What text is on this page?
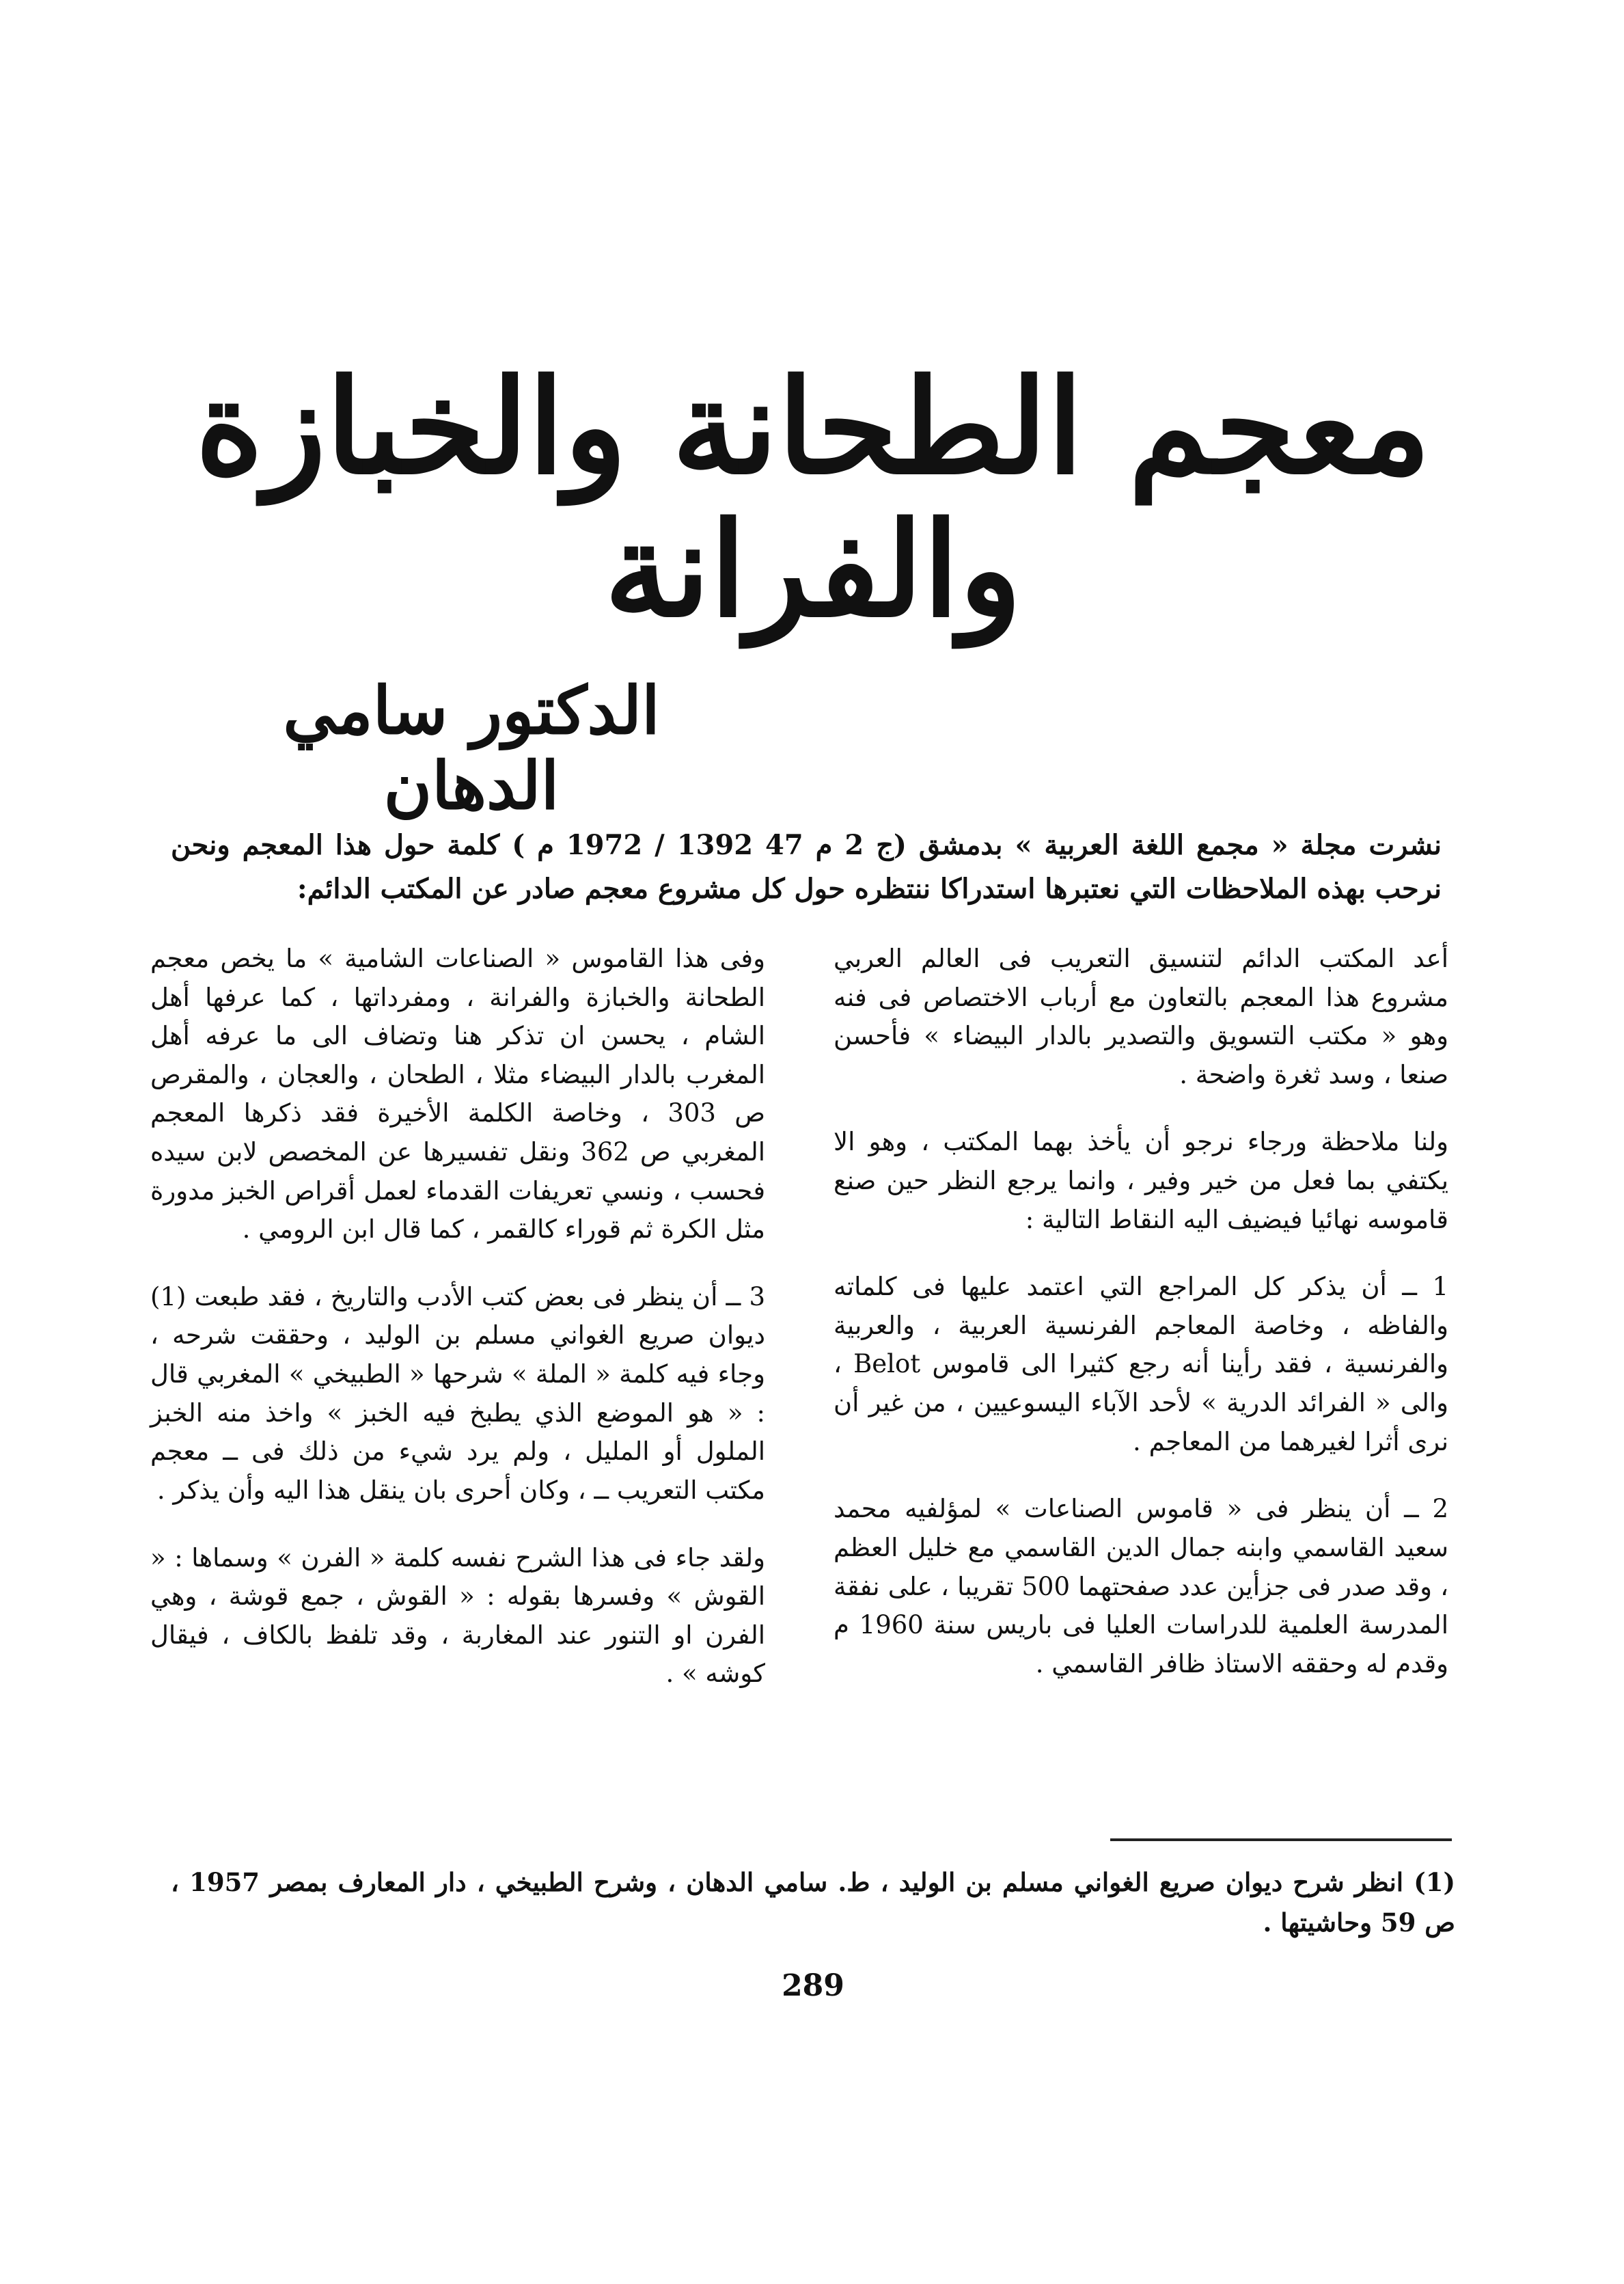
معجم الطحانة والخبازة والفرانة
الدكتور سامي الدهان

نشرت مجلة « مجمع اللغة العربية » بدمشق (ج 2 م 47 1392 / 1972 م ) كلمة حول هذا المعجم ونحن نرحب بهذه الملاحظات التي نعتبرها استدراكا ننتظره حول كل مشروع معجم صادر عن المكتب الدائم:

أعد المكتب الدائم لتنسيق التعريب فى العالم العربي مشروع هذا المعجم بالتعاون مع أرباب الاختصاص فى فنه وهو « مكتب التسويق والتصدير بالدار البيضاء » فأحسن صنعا ، وسد ثغرة واضحة .

ولنا ملاحظة ورجاء نرجو أن يأخذ بهما المكتب ، وهو الا يكتفي بما فعل من خير وفير ، وانما يرجع النظر حين صنع قاموسه نهائيا فيضيف اليه النقاط التالية :

1 ــ أن يذكر كل المراجع التي اعتمد عليها فى كلماته والفاظه ، وخاصة المعاجم الفرنسية العربية ، والعربية والفرنسية ، فقد رأينا أنه رجع كثيرا الى قاموس Belot ، والى « الفرائد الدرية » لأحد الآباء اليسوعيين ، من غير أن نرى أثرا لغيرهما من المعاجم .

2 ــ أن ينظر فى « قاموس الصناعات » لمؤلفيه محمد سعيد القاسمي وابنه جمال الدين القاسمي مع خليل العظم ، وقد صدر فى جزأين عدد صفحتهما 500 تقريبا ، على نفقة المدرسة العلمية للدراسات العليا فى باريس سنة 1960 م وقدم له وحققه الاستاذ ظافر القاسمي .

وفى هذا القاموس « الصناعات الشامية » ما يخص معجم الطحانة والخبازة والفرانة ، ومفرداتها ، كما عرفها أهل الشام ، يحسن ان تذكر هنا وتضاف الى ما عرفه أهل المغرب بالدار البيضاء مثلا ، الطحان ، والعجان ، والمقرص ص 303 ، وخاصة الكلمة الأخيرة فقد ذكرها المعجم المغربي ص 362 ونقل تفسيرها عن المخصص لابن سيده فحسب ، ونسي تعريفات القدماء لعمل أقراص الخبز مدورة مثل الكرة ثم قوراء كالقمر ، كما قال ابن الرومي .

3 ــ أن ينظر فى بعض كتب الأدب والتاريخ ، فقد طبعت (1) ديوان صريع الغواني مسلم بن الوليد ، وحققت شرحه ، وجاء فيه كلمة « الملة » شرحها « الطبيخي » المغربي قال : « هو الموضع الذي يطبخ فيه الخبز » واخذ منه الخبز الملول أو المليل ، ولم يرد شيء من ذلك فى ــ معجم مكتب التعريب ــ ، وكان أحرى بان ينقل هذا اليه وأن يذكر .

ولقد جاء فى هذا الشرح نفسه كلمة « الفرن » وسماها : « القوش » وفسرها بقوله : « القوش ، جمع قوشة ، وهي الفرن او التنور عند المغاربة ، وقد تلفظ بالكاف ، فيقال كوشه » .

(1) انظر شرح ديوان صريع الغواني مسلم بن الوليد ، ط. سامي الدهان ، وشرح الطبيخي ، دار المعارف بمصر 1957 ، ص 59 وحاشيتها .

289
